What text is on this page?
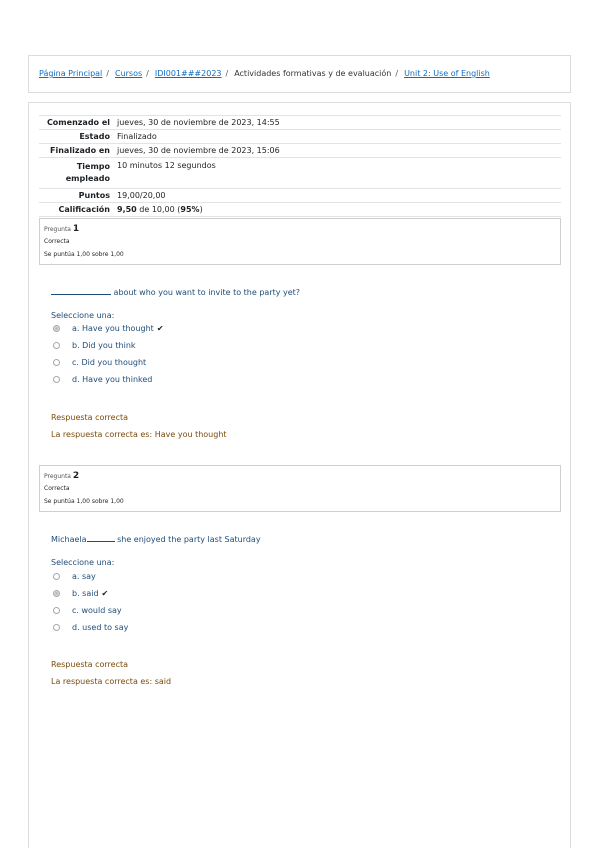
Página Principal / Cursos / IDI001###2023 / Actividades formativas y de evaluación / Unit 2: Use of English
Comenzado el	jueves, 30 de noviembre de 2023, 14:55
Estado	Finalizado
Finalizado en	jueves, 30 de noviembre de 2023, 15:06
Tiempo empleado	10 minutos 12 segundos
Puntos	19,00/20,00
Calificación	9,50 de 10,00 (95%)
Pregunta 1
Correcta
Se puntúa 1,00 sobre 1,00
about who you want to invite to the party yet?
Seleccione una:
a. Have you thought ✔
b. Did you think
c. Did you thought
d. Have you thinked
Respuesta correcta
La respuesta correcta es: Have you thought
Pregunta 2
Correcta
Se puntúa 1,00 sobre 1,00
Michaela	she enjoyed the party last Saturday
Seleccione una:
a. say
b. said ✔
c. would say
d. used to say
Respuesta correcta
La respuesta correcta es: said
